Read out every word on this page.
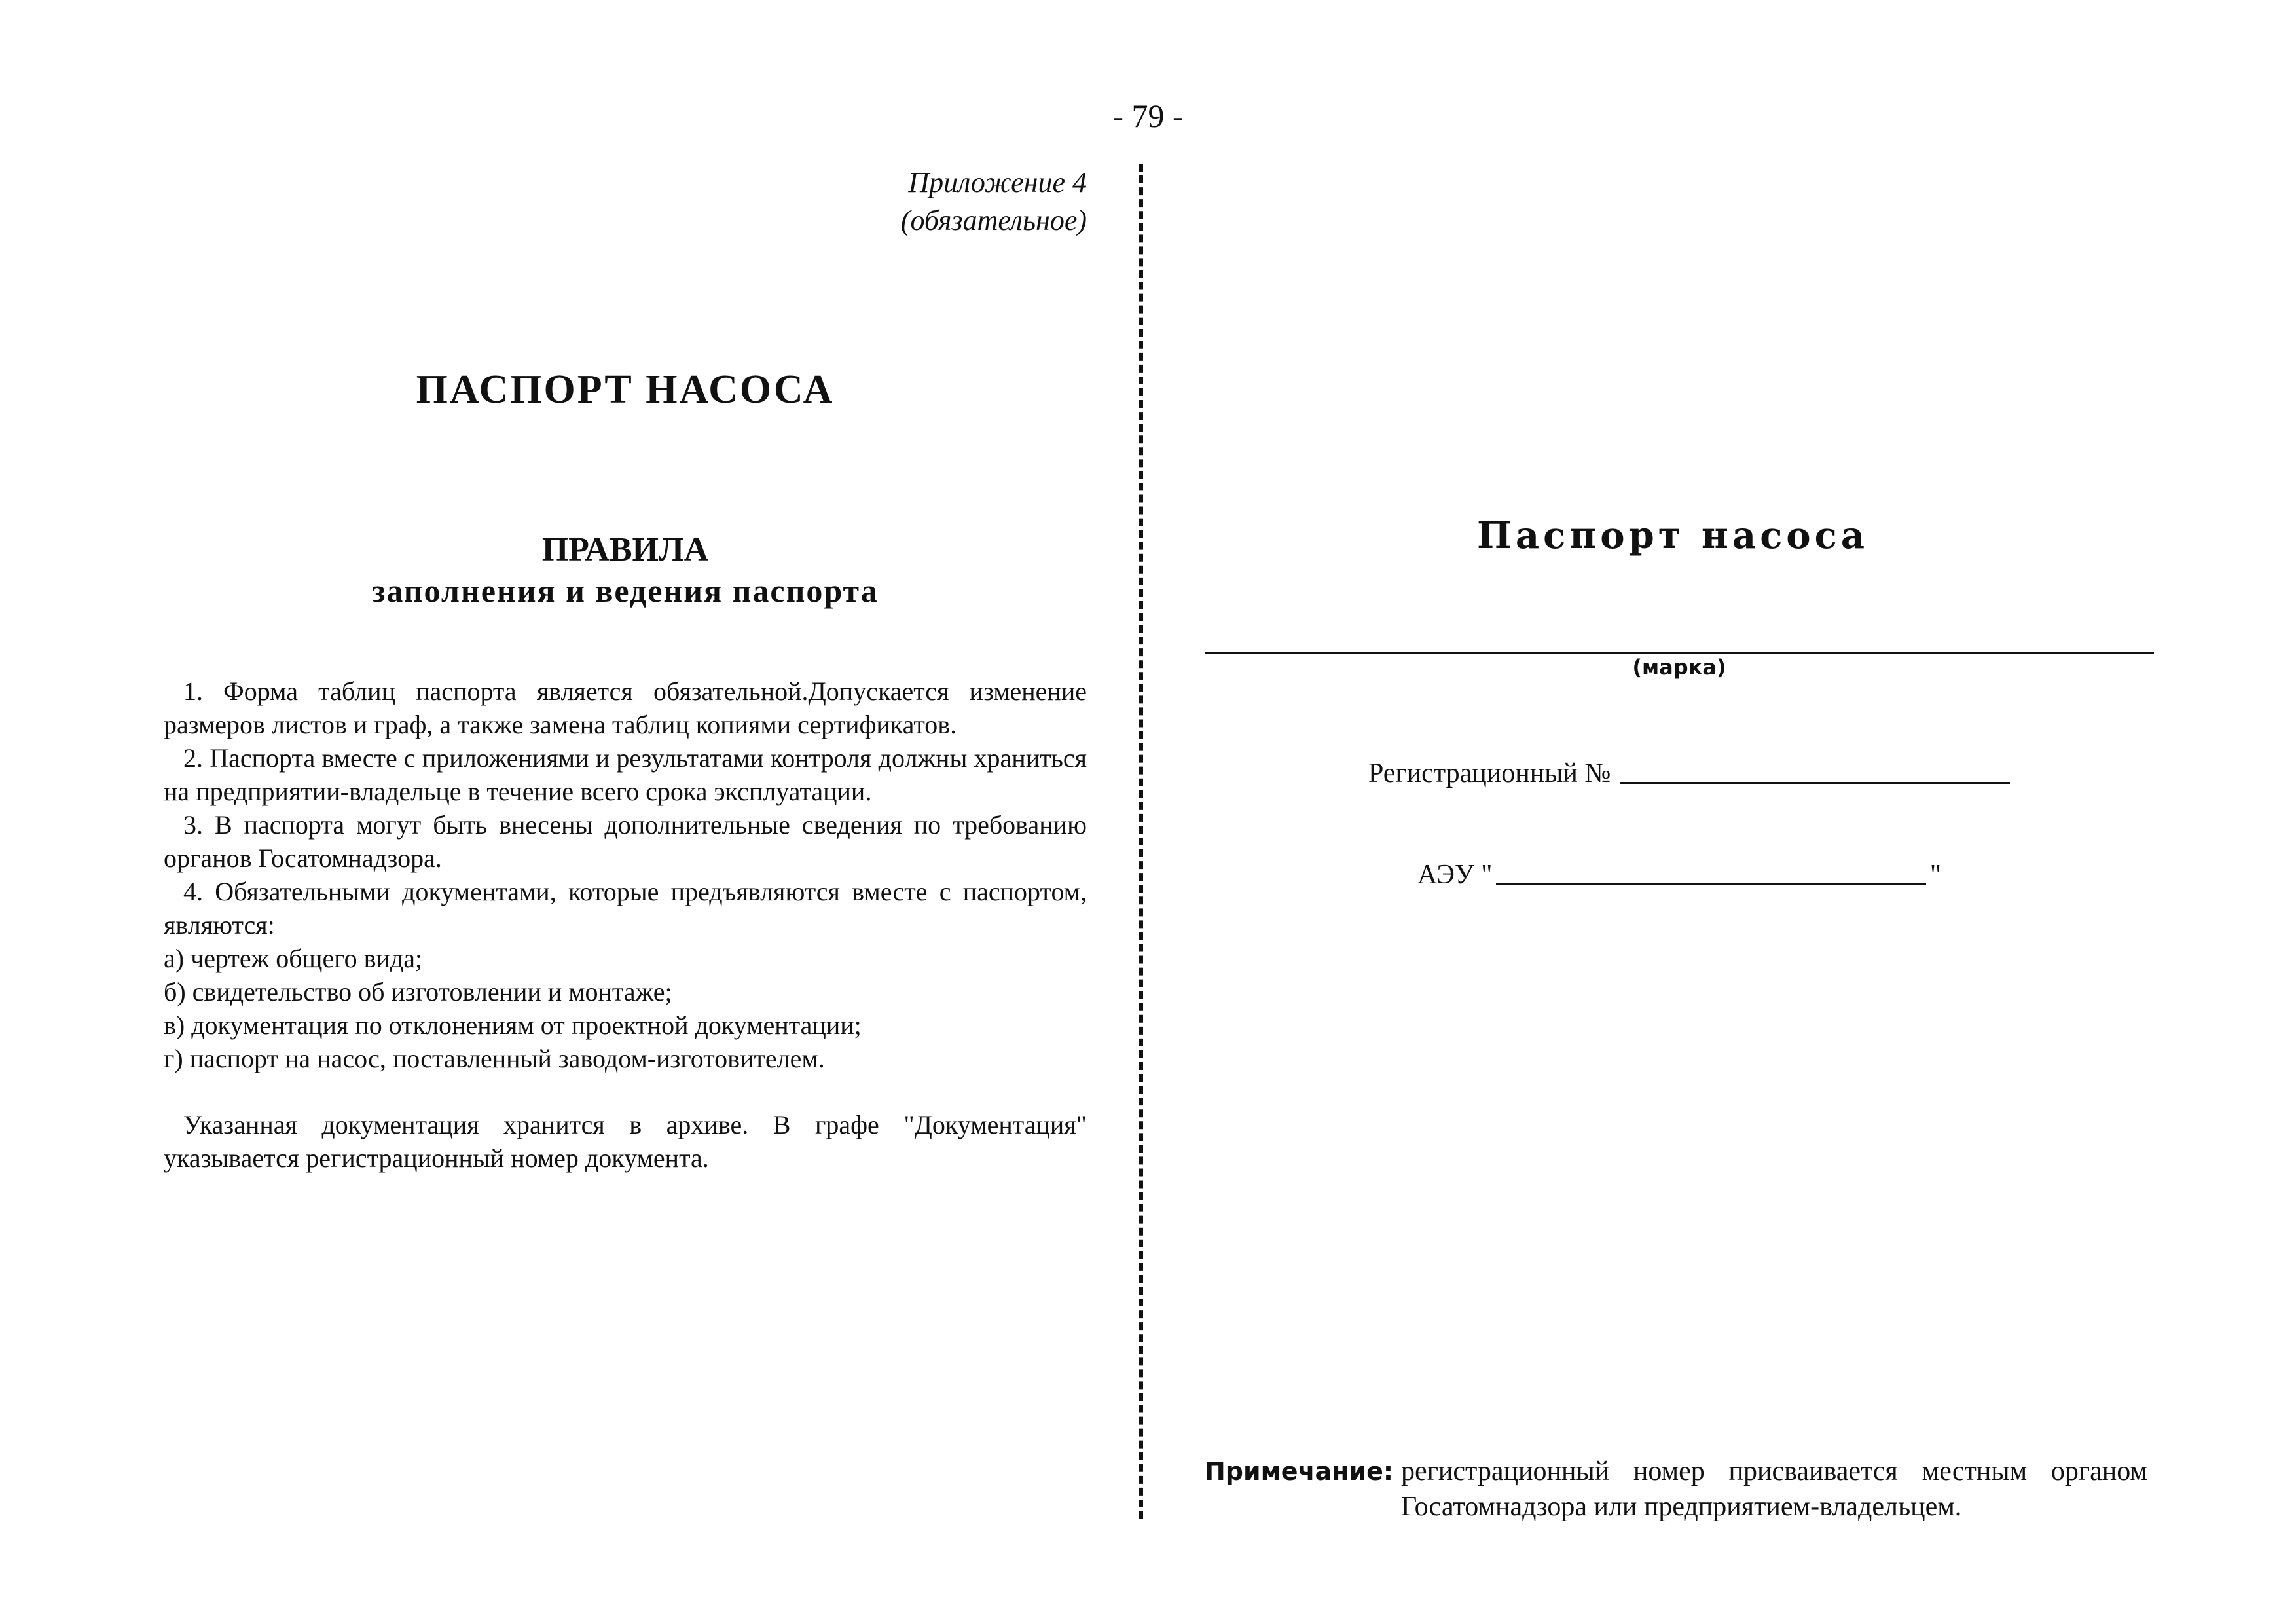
- 79 -
Приложение 4
(обязательное)
ПАСПОРТ НАСОСА
ПРАВИЛА
заполнения и ведения паспорта

1. Форма таблиц паспорта является обязательной.Допускается изменение размеров листов и граф, а также замена таблиц копиями сертификатов.

2. Паспорта вместе с приложениями и результатами контроля должны храниться на предприятии-владельце в течение всего срока эксплуатации.

3. В паспорта могут быть внесены дополнительные сведения по требованию органов Госатомнадзора.

4. Обязательными документами, которые предъявляются вместе с паспортом, являются:

а) чертеж общего вида;

б) свидетельство об изготовлении и монтаже;

в) документация по отклонениям от проектной документации;

г) паспорт на насос, поставленный заводом-изготовителем.

Указанная документация хранится в архиве. В графе "Документация" указывается регистрационный номер документа.

Паспорт насоса
(марка)
Регистрационный №
АЭУ "	"
Примечание: регистрационный номер присваивается местным органом Госатомнадзора или предприятием-владельцем.
